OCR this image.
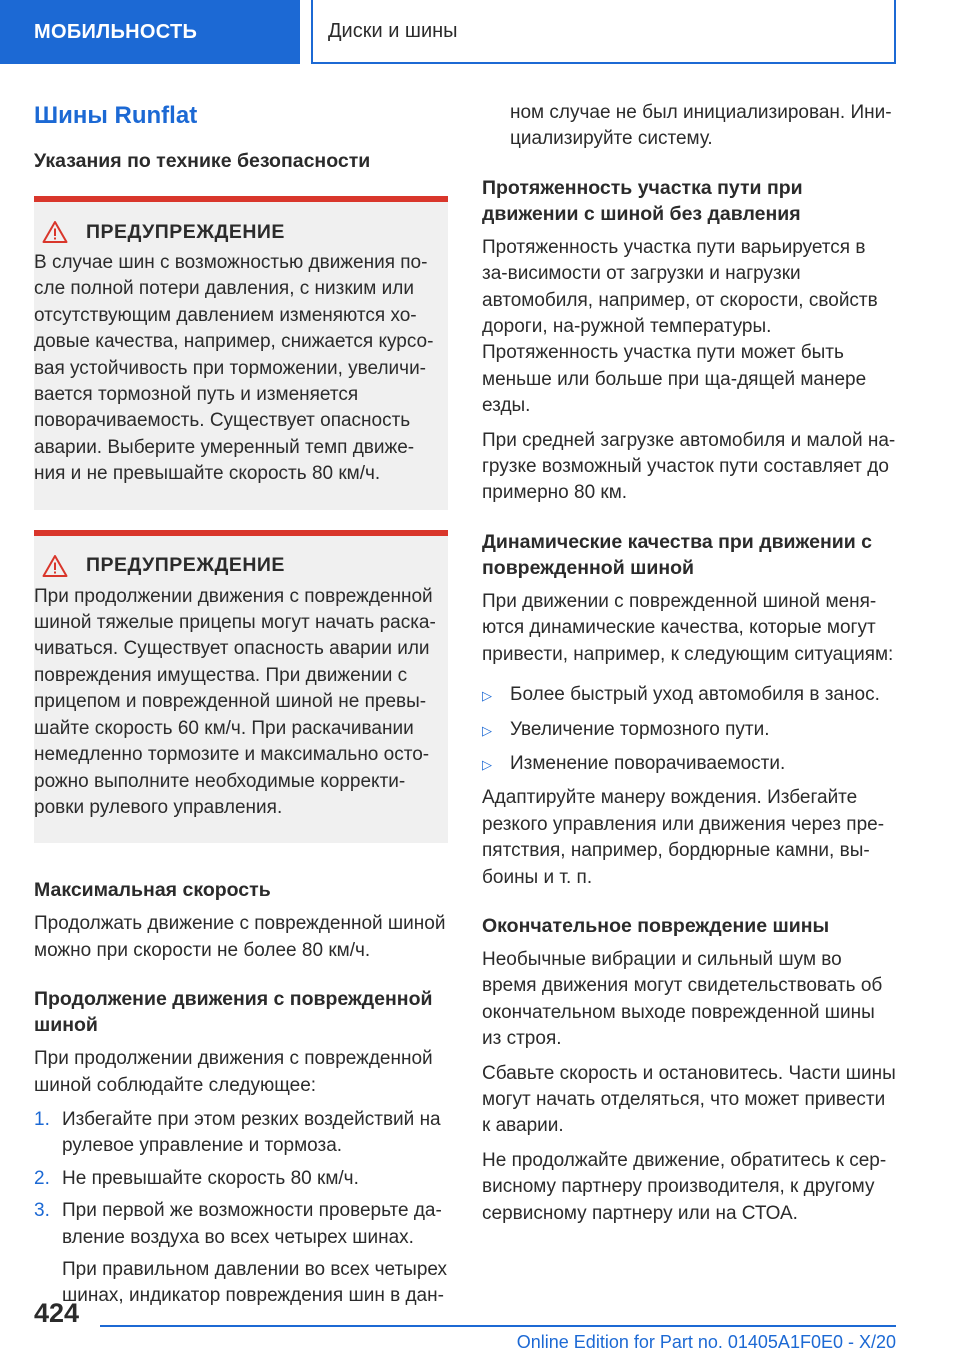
МОБИЛЬНОСТЬ	Диски и шины
Шины Runflat
Указания по технике безопасности
ПРЕДУПРЕЖДЕНИЕ
В случае шин с возможностью движения по-сле полной потери давления, с низким или отсутствующим давлением изменяются хо-довые качества, например, снижается курсо-вая устойчивость при торможении, увеличи-вается тормозной путь и изменяется поворачиваемость. Существует опасность аварии. Выберите умеренный темп движе-ния и не превышайте скорость 80 км/ч.
ПРЕДУПРЕЖДЕНИЕ
При продолжении движения с поврежденной шиной тяжелые прицепы могут начать раска-чиваться. Существует опасность аварии или повреждения имущества. При движении с прицепом и поврежденной шиной не превы-шайте скорость 60 км/ч. При раскачивании немедленно тормозите и максимально осто-рожно выполните необходимые корректи-ровки рулевого управления.
Максимальная скорость

Продолжать движение с поврежденной шиной можно при скорости не более 80 км/ч.

Продолжение движения с поврежденной шиной

При продолжении движения с поврежденной шиной соблюдайте следующее:

1. Избегайте при этом резких воздействий на рулевое управление и тормоза.
2. Не превышайте скорость 80 км/ч.
3. При первой же возможности проверьте да-вление воздуха во всех четырех шинах.

При правильном давлении во всех четырех шинах, индикатор повреждения шин в дан-

ном случае не был инициализирован. Ини-циализируйте систему.

Протяженность участка пути при движении с шиной без давления

Протяженность участка пути варьируется в за-висимости от загрузки и нагрузки автомобиля, например, от скорости, свойств дороги, на-ружной температуры. Протяженность участка пути может быть меньше или больше при ща-дящей манере езды.

При средней загрузке автомобиля и малой на-грузке возможный участок пути составляет до примерно 80 км.

Динамические качества при движении с поврежденной шиной

При движении с поврежденной шиной меня-ются динамические качества, которые могут привести, например, к следующим ситуациям:

▷ Более быстрый уход автомобиля в занос.
▷ Увеличение тормозного пути.
▷ Изменение поворачиваемости.

Адаптируйте манеру вождения. Избегайте резкого управления или движения через пре-пятствия, например, бордюрные камни, вы-боины и т. п.

Окончательное повреждение шины

Необычные вибрации и сильный шум во время движения могут свидетельствовать об окончательном выходе поврежденной шины из строя.

Сбавьте скорость и остановитесь. Части шины могут начать отделяться, что может привести к аварии.

Не продолжайте движение, обратитесь к сер-висному партнеру производителя, к другому сервисному партнеру или на СТОА.

424
Online Edition for Part no. 01405A1F0E0 - X/20
